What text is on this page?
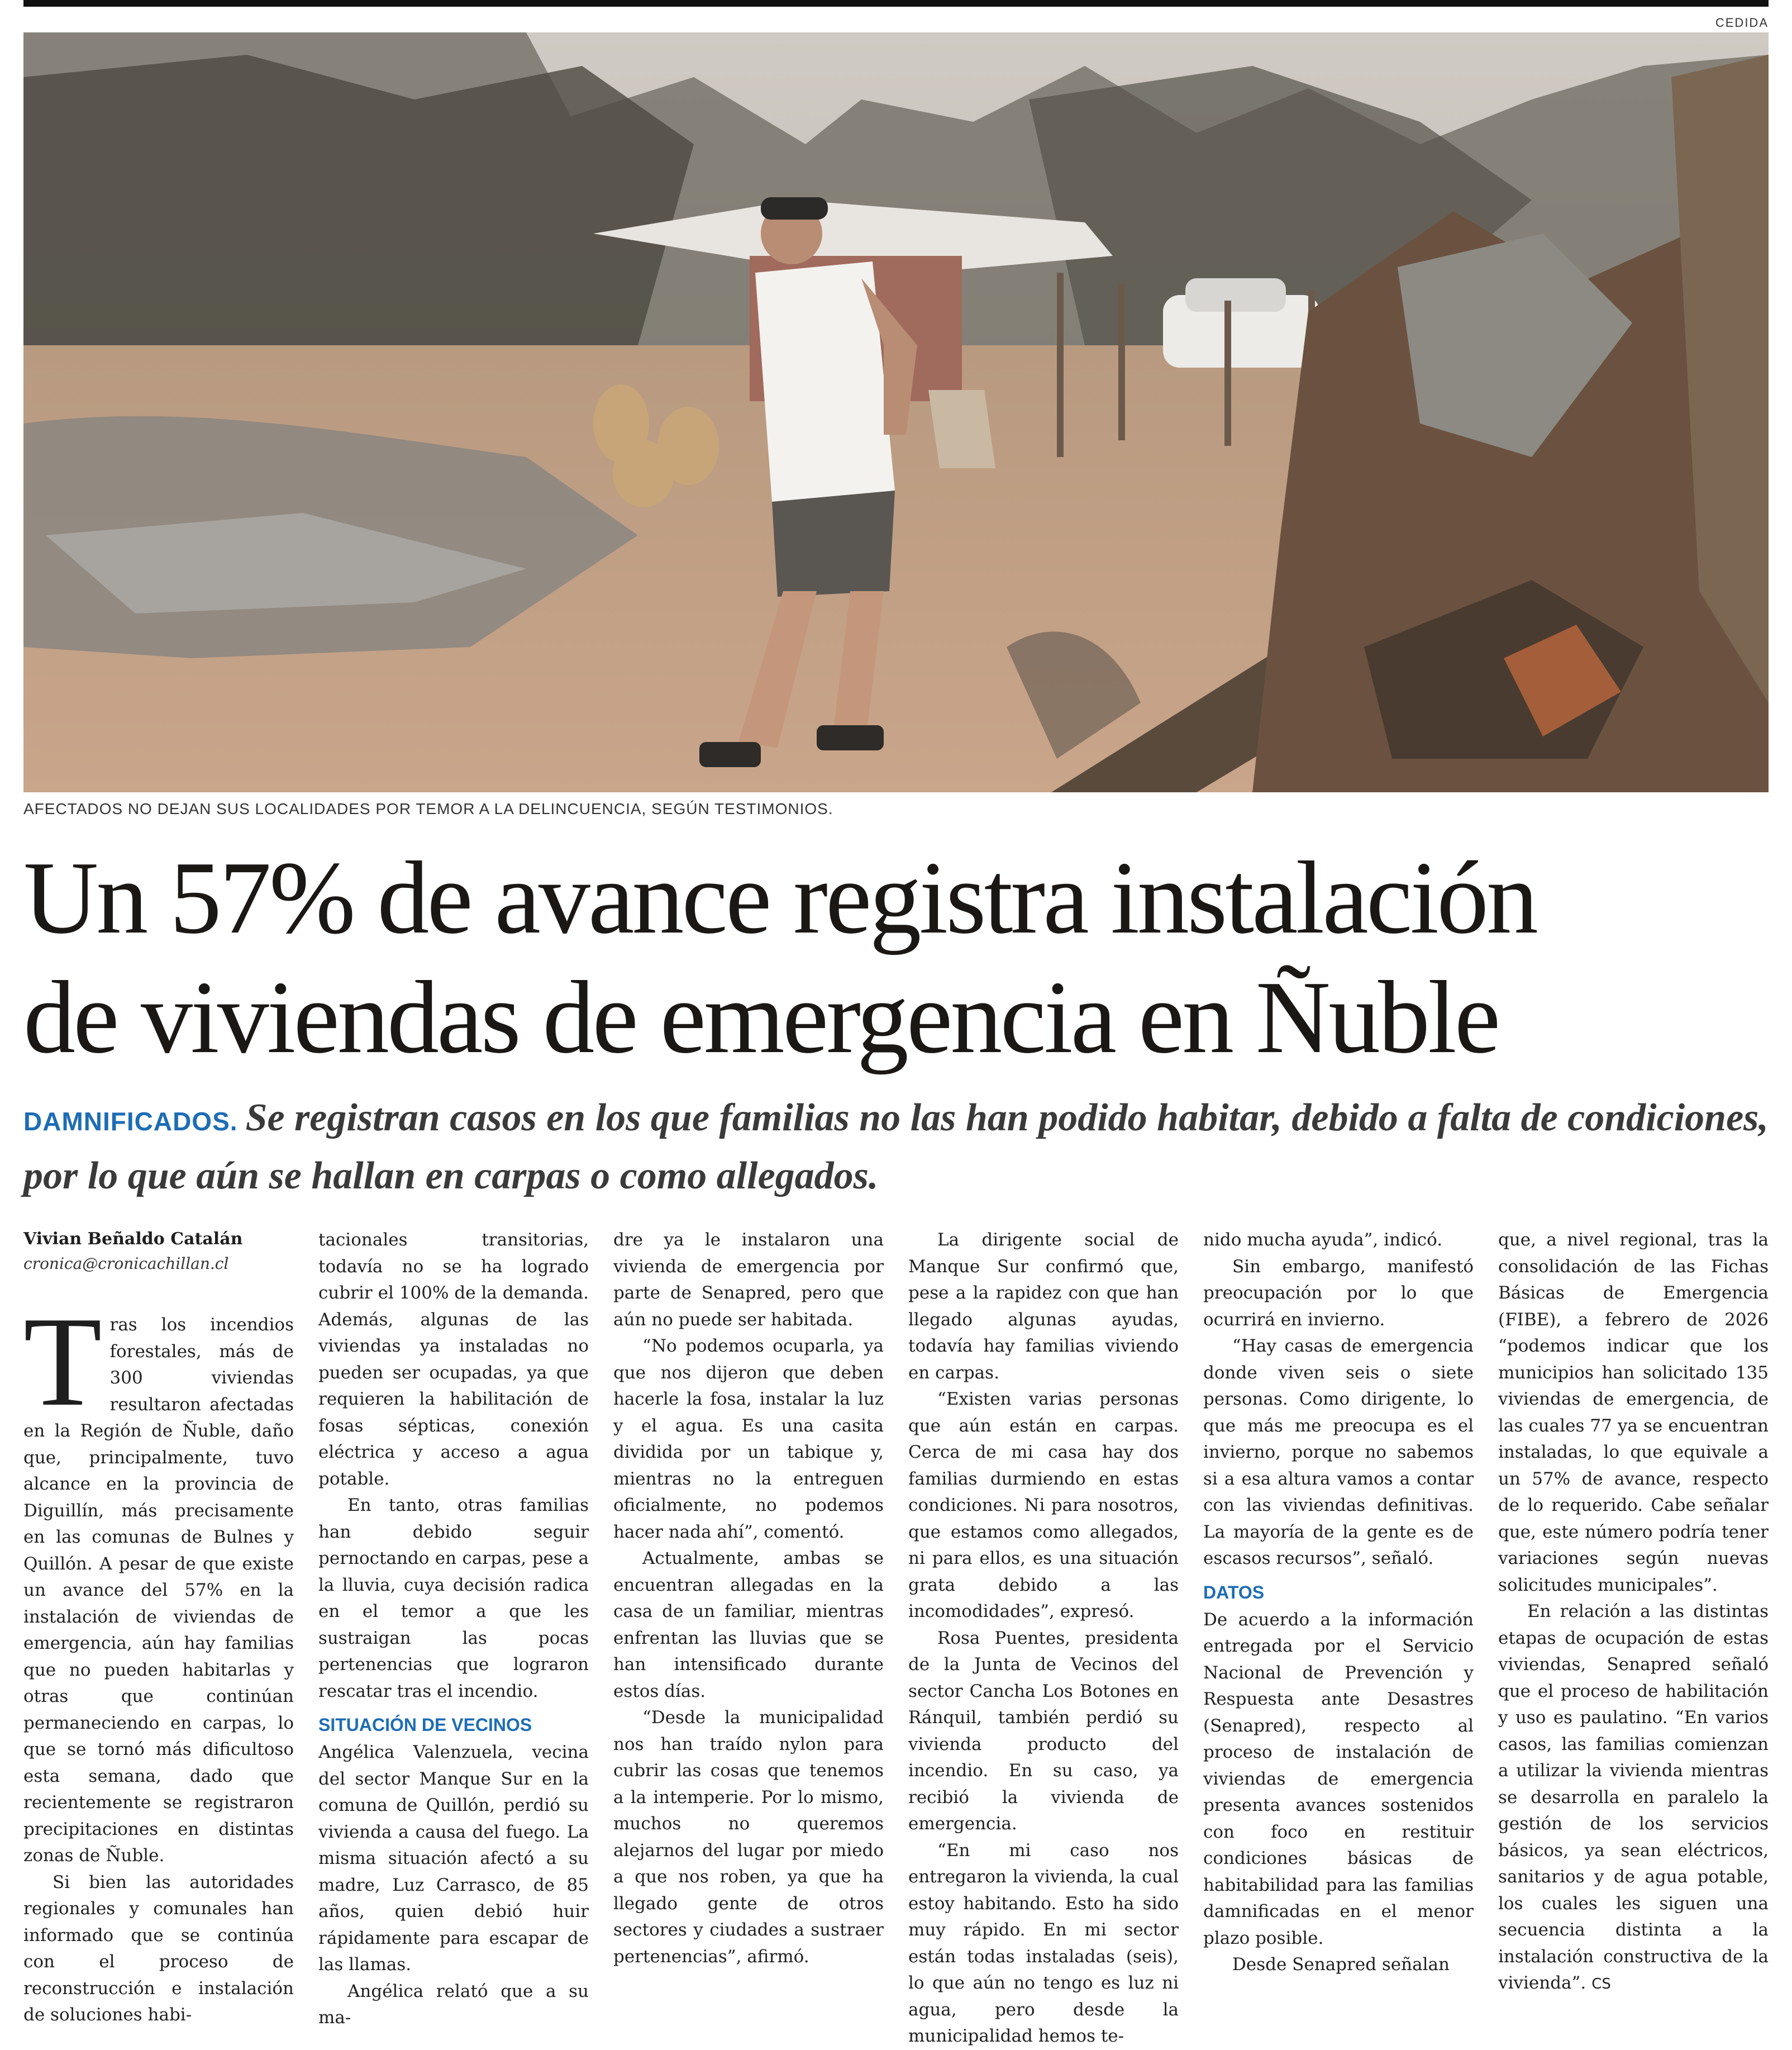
CEDIDA
AFECTADOS NO DEJAN SUS LOCALIDADES POR TEMOR A LA DELINCUENCIA, SEGÚN TESTIMONIOS.
Un 57% de avance registra instalación
de viviendas de emergencia en Ñuble
DAMNIFICADOS. Se registran casos en los que familias no las han podido habitar, debido a falta de condiciones, por lo que aún se hallan en carpas o como allegados.
Vivian Beñaldo Catalán
cronica@cronicachillan.cl

Tras los incendios forestales, más de 300 viviendas resultaron afectadas en la Región de Ñuble, daño que, principalmente, tuvo alcance en la provincia de Diguillín, más precisamente en las comunas de Bulnes y Quillón. A pesar de que existe un avance del 57% en la instalación de viviendas de emergencia, aún hay familias que no pueden habitarlas y otras que continúan permaneciendo en carpas, lo que se tornó más dificultoso esta semana, dado que recientemente se registraron precipitaciones en distintas zonas de Ñuble.

Si bien las autoridades regionales y comunales han informado que se continúa con el proceso de reconstrucción e instalación de soluciones habi-

tacionales transitorias, todavía no se ha logrado cubrir el 100% de la demanda. Además, algunas de las viviendas ya instaladas no pueden ser ocupadas, ya que requieren la habilitación de fosas sépticas, conexión eléctrica y acceso a agua potable.

En tanto, otras familias han debido seguir pernoctando en carpas, pese a la lluvia, cuya decisión radica en el temor a que les sustraigan las pocas pertenencias que lograron rescatar tras el incendio.

SITUACIÓN DE VECINOS

Angélica Valenzuela, vecina del sector Manque Sur en la comuna de Quillón, perdió su vivienda a causa del fuego. La misma situación afectó a su madre, Luz Carrasco, de 85 años, quien debió huir rápidamente para escapar de las llamas.

Angélica relató que a su ma-

dre ya le instalaron una vivienda de emergencia por parte de Senapred, pero que aún no puede ser habitada.

“No podemos ocuparla, ya que nos dijeron que deben hacerle la fosa, instalar la luz y el agua. Es una casita dividida por un tabique y, mientras no la entreguen oficialmente, no podemos hacer nada ahí”, comentó.

Actualmente, ambas se encuentran allegadas en la casa de un familiar, mientras enfrentan las lluvias que se han intensificado durante estos días.

“Desde la municipalidad nos han traído nylon para cubrir las cosas que tenemos a la intemperie. Por lo mismo, muchos no queremos alejarnos del lugar por miedo a que nos roben, ya que ha llegado gente de otros sectores y ciudades a sustraer pertenencias”, afirmó.

La dirigente social de Manque Sur confirmó que, pese a la rapidez con que han llegado algunas ayudas, todavía hay familias viviendo en carpas.

“Existen varias personas que aún están en carpas. Cerca de mi casa hay dos familias durmiendo en estas condiciones. Ni para nosotros, que estamos como allegados, ni para ellos, es una situación grata debido a las incomodidades”, expresó.

Rosa Puentes, presidenta de la Junta de Vecinos del sector Cancha Los Botones en Ránquil, también perdió su vivienda producto del incendio. En su caso, ya recibió la vivienda de emergencia.

“En mi caso nos entregaron la vivienda, la cual estoy habitando. Esto ha sido muy rápido. En mi sector están todas instaladas (seis), lo que aún no tengo es luz ni agua, pero desde la municipalidad hemos te-

nido mucha ayuda”, indicó.

Sin embargo, manifestó preocupación por lo que ocurrirá en invierno.

“Hay casas de emergencia donde viven seis o siete personas. Como dirigente, lo que más me preocupa es el invierno, porque no sabemos si a esa altura vamos a contar con las viviendas definitivas. La mayoría de la gente es de escasos recursos”, señaló.

DATOS

De acuerdo a la información entregada por el Servicio Nacional de Prevención y Respuesta ante Desastres (Senapred), respecto al proceso de instalación de viviendas de emergencia presenta avances sostenidos con foco en restituir condiciones básicas de habitabilidad para las familias damnificadas en el menor plazo posible.

Desde Senapred señalan

que, a nivel regional, tras la consolidación de las Fichas Básicas de Emergencia (FIBE), a febrero de 2026 “podemos indicar que los municipios han solicitado 135 viviendas de emergencia, de las cuales 77 ya se encuentran instaladas, lo que equivale a un 57% de avance, respecto de lo requerido. Cabe señalar que, este número podría tener variaciones según nuevas solicitudes municipales”.

En relación a las distintas etapas de ocupación de estas viviendas, Senapred señaló que el proceso de habilitación y uso es paulatino. “En varios casos, las familias comienzan a utilizar la vivienda mientras se desarrolla en paralelo la gestión de los servicios básicos, ya sean eléctricos, sanitarios y de agua potable, los cuales les siguen una secuencia distinta a la instalación constructiva de la vivienda”. CS
